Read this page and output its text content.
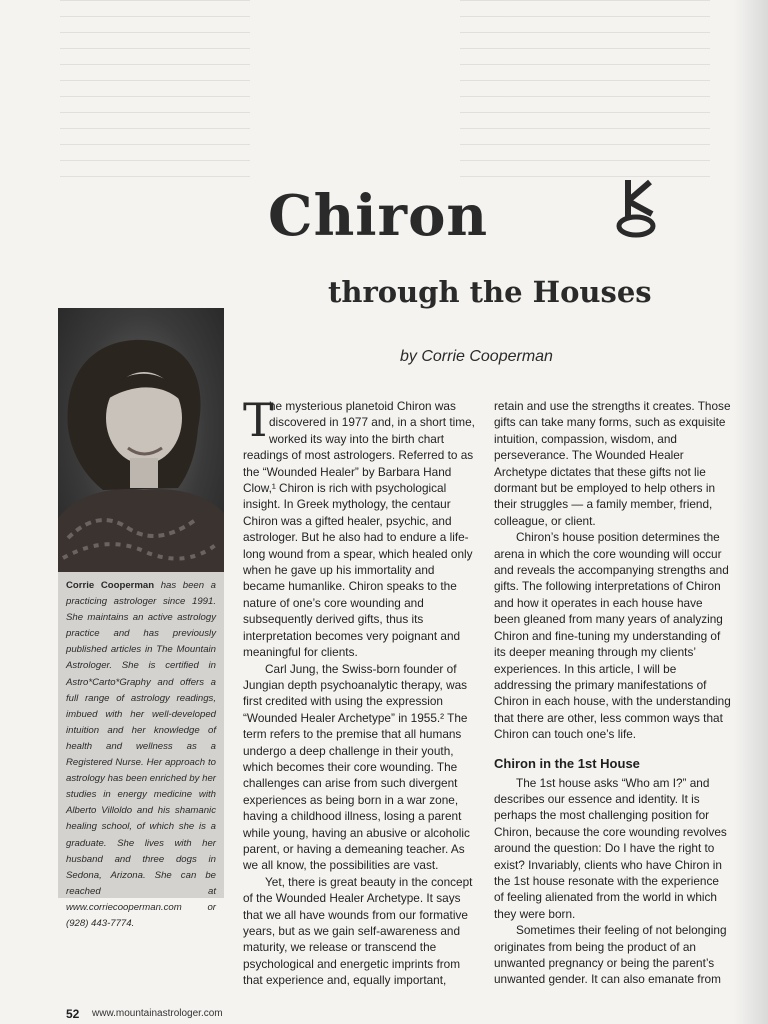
Chiron
through the Houses
by Corrie Cooperman
Corrie Cooperman has been a practicing astrologer since 1991. She maintains an active astrology practice and has previously published articles in The Mountain Astrologer. She is certified in Astro*Carto*Graphy and offers a full range of astrology readings, imbued with her well-developed intuition and her knowledge of health and wellness as a Registered Nurse. Her approach to astrology has been enriched by her studies in energy medicine with Alberto Villoldo and his shamanic healing school, of which she is a graduate. She lives with her husband and three dogs in Sedona, Arizona. She can be reached at www.corriecooperman.com or (928) 443-7774.

T
he mysterious planetoid Chiron was discovered in 1977 and, in a short time, worked its way into the birth chart readings of most astrologers. Referred to as the “Wounded Healer” by Barbara Hand Clow,¹ Chiron is rich with psychological insight. In Greek mythology, the centaur Chiron was a gifted healer, psychic, and astrologer. But he also had to endure a life-long wound from a spear, which healed only when he gave up his immortality and became humanlike. Chiron speaks to the nature of one’s core wounding and subsequently derived gifts, thus its interpretation becomes very poignant and meaningful for clients.

Carl Jung, the Swiss-born founder of Jungian depth psychoanalytic therapy, was first credited with using the expression “Wounded Healer Archetype” in 1955.² The term refers to the premise that all humans undergo a deep challenge in their youth, which becomes their core wounding. The challenges can arise from such divergent experiences as being born in a war zone, having a childhood illness, losing a parent while young, having an abusive or alcoholic parent, or having a demeaning teacher. As we all know, the possibilities are vast.

Yet, there is great beauty in the concept of the Wounded Healer Archetype. It says that we all have wounds from our formative years, but as we gain self-awareness and maturity, we release or transcend the psychological and energetic imprints from that experience and, equally important,

retain and use the strengths it creates. Those gifts can take many forms, such as exquisite intuition, compassion, wisdom, and perseverance. The Wounded Healer Archetype dictates that these gifts not lie dormant but be employed to help others in their struggles — a family member, friend, colleague, or client.

Chiron’s house position determines the arena in which the core wounding will occur and reveals the accompanying strengths and gifts. The following interpretations of Chiron and how it operates in each house have been gleaned from many years of analyzing Chiron and fine-tuning my understanding of its deeper meaning through my clients’ experiences. In this article, I will be addressing the primary manifestations of Chiron in each house, with the understanding that there are other, less common ways that Chiron can touch one’s life.

Chiron in the 1st House

The 1st house asks “Who am I?” and describes our essence and identity. It is perhaps the most challenging position for Chiron, because the core wounding revolves around the question: Do I have the right to exist? Invariably, clients who have Chiron in the 1st house resonate with the experience of feeling alienated from the world in which they were born.

Sometimes their feeling of not belonging originates from being the product of an unwanted pregnancy or being the parent’s unwanted gender. It can also emanate from

52 www.mountainastrologer.com
